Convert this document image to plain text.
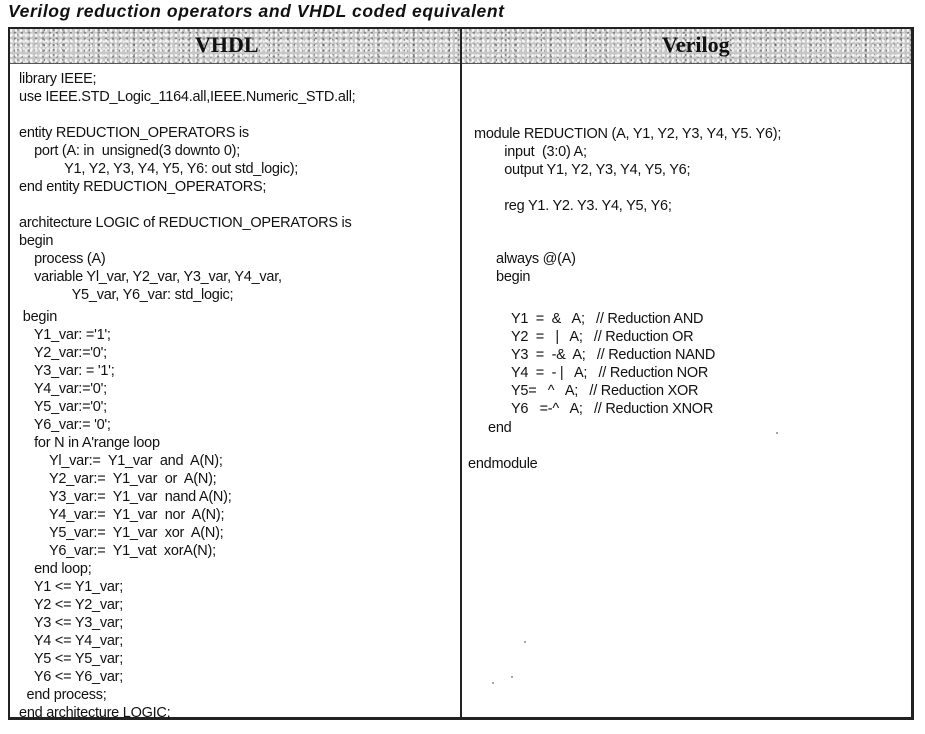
Verilog reduction operators and VHDL coded equivalent
VHDL	Verilog
library IEEE;
use IEEE.STD_Logic_1164.all,IEEE.Numeric_STD.all;
entity REDUCTION_OPERATORS is
port (A: in  unsigned(3 downto 0);
Y1, Y2, Y3, Y4, Y5, Y6: out std_logic);
end entity REDUCTION_OPERATORS;
architecture LOGIC of REDUCTION_OPERATORS is
begin
process (A)
variable Yl_var, Y2_var, Y3_var, Y4_var,
Y5_var, Y6_var: std_logic;
begin
Y1_var: ='1';
Y2_var:='0';
Y3_var: = '1';
Y4_var:='0';
Y5_var:='0';
Y6_var:= '0';
for N in A'range loop
Yl_var:=  Y1_var  and  A(N);
Y2_var:=  Y1_var  or  A(N);
Y3_var:=  Y1_var  nand A(N);
Y4_var:=  Y1_var  nor  A(N);
Y5_var:=  Y1_var  xor  A(N);
Y6_var:=  Y1_vat  xorA(N);
end loop;
Y1 <= Y1_var;
Y2 <= Y2_var;
Y3 <= Y3_var;
Y4 <= Y4_var;
Y5 <= Y5_var;
Y6 <= Y6_var;
end process;
end architecture LOGIC;
module REDUCTION (A, Y1, Y2, Y3, Y4, Y5. Y6);
input  (3:0) A;
output Y1, Y2, Y3, Y4, Y5, Y6;
reg Y1. Y2. Y3. Y4, Y5, Y6;
always @(A)
begin
Y1  =  &   A;   // Reduction AND
Y2  =   |   A;   // Reduction OR
Y3  =  -&  A;   // Reduction NAND
Y4  =  - |   A;   // Reduction NOR
Y5=   ^   A;   // Reduction XOR
Y6   =-^   A;   // Reduction XNOR
end
endmodule
